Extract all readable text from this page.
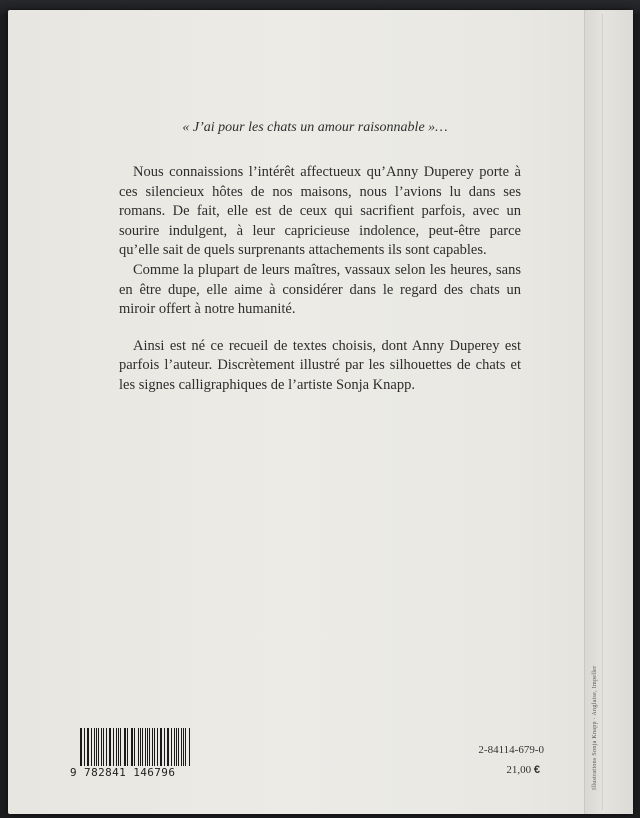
Illustrations Sonja Knapp · Anglaise, Impeller

« J’ai pour les chats un amour raisonnable »…

Nous connaissions l’intérêt affectueux qu’Anny Duperey porte à ces silencieux hôtes de nos maisons, nous l’avions lu dans ses romans. De fait, elle est de ceux qui sacrifient parfois, avec un sourire indulgent, à leur capricieuse indolence, peut-être parce qu’elle sait de quels surprenants attachements ils sont capables.

Comme la plupart de leurs maîtres, vassaux selon les heures, sans en être dupe, elle aime à considérer dans le regard des chats un miroir offert à notre humanité.

Ainsi est né ce recueil de textes choisis, dont Anny Duperey est parfois l’auteur. Discrètement illustré par les silhouettes de chats et les signes calligraphiques de l’artiste Sonja Knapp.

9 782841 146796
2-84114-679-0
21,00 €
